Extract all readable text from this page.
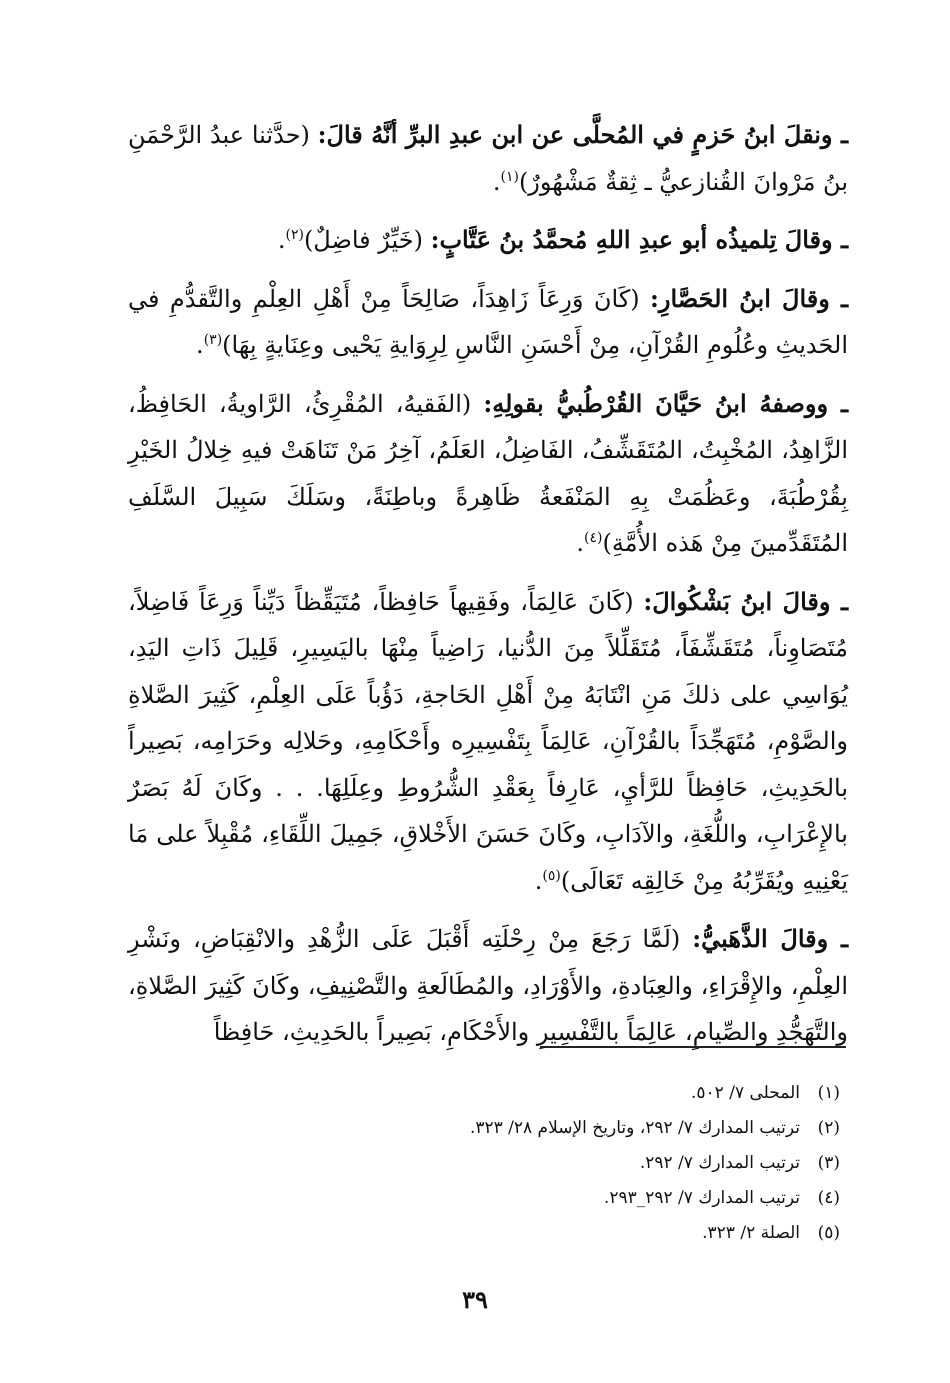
ـ ونقلَ ابنُ حَزمٍ في المُحلَّى عن ابن عبدِ البرِّ أنَّهُ قالَ: (حدَّثنا عبدُ الرَّحْمَنِ بنُ مَرْوانَ القُنازعيُّ ـ ثِقةٌ مَشْهُورٌ)$^{(١)}$.

ـ وقالَ تِلميذُه أبو عبدِ اللهِ مُحمَّدُ بنُ عَتَّابٍ: (خَيِّرٌ فاضِلٌ)$^{(٢)}$.

ـ وقالَ ابنُ الحَصَّارِ: (كَانَ وَرِعَاً زَاهِدَاً، صَالِحَاً مِنْ أَهْلِ العِلْمِ والتَّقدُّمِ في الحَديثِ وعُلُومِ القُرْآنِ، مِنْ أَحْسَنِ النَّاسِ لِرِوَايةِ يَحْيى وعِنَايةٍ بِهَا)$^{(٣)}$.

ـ ووصفهُ ابنُ حَيَّانَ القُرْطُبيُّ بقولِهِ: (الفَقيهُ، المُقْرِئُ، الرَّاويةُ، الحَافِظُ، الزَّاهِدُ، المُخْبِتُ، المُتَقَشِّفُ، الفَاضِلُ، العَلَمُ، آخِرُ مَنْ تَنَاهَتْ فيهِ خِلالُ الخَيْرِ بِقُرْطُبَةَ، وعَظُمَتْ بِهِ المَنْفَعةُ ظَاهِرةً وباطِنَةً، وسَلَكَ سَبِيلَ السَّلَفِ المُتَقَدِّمينَ مِنْ هَذه الأُمَّةِ)$^{(٤)}$.

ـ وقالَ ابنُ بَشْكُوالَ: (كَانَ عَالِمَاً، وفَقِيهاً حَافِظاً، مُتَيَقِّظاً دَيِّناً وَرِعَاً فَاضِلاً، مُتَصَاوِناً، مُتَقَشِّفَاً، مُتَقَلِّلاً مِنَ الدُّنيا، رَاضِياً مِنْهَا باليَسِيرِ، قَلِيلَ ذَاتِ اليَدِ، يُوَاسِي على ذلكَ مَنِ انْتَابَهُ مِنْ أَهْلِ الحَاجةِ، دَؤُباً عَلَى العِلْمِ، كَثِيرَ الصَّلاةِ والصَّوْمِ، مُتَهَجِّدَاً بالقُرْآنِ، عَالِمَاً بِتَفْسِيرِه وأَحْكَامِهِ، وحَلالِه وحَرَامِه، بَصِيراً بالحَدِيثِ، حَافِظاً للرَّأيِ، عَارِفاً بِعَقْدِ الشُّرُوطِ وعِلَلِهَا. . . وكَانَ لَهُ بَصَرٌ بالإِعْرَابِ، واللُّغَةِ، والآدَابِ، وكَانَ حَسَنَ الأَخْلاقِ، جَمِيلَ اللِّقَاءِ، مُقْبِلاً على مَا يَعْنِيهِ ويُقَرِّبُهُ مِنْ خَالِقِه تَعَالَى)$^{(٥)}$.

ـ وقالَ الذَّهَبيُّ: (لَمَّا رَجَعَ مِنْ رِحْلَتِه أَقْبَلَ عَلَى الزُّهْدِ والانْقِبَاضِ، ونَشْرِ العِلْمِ، والإِقْرَاءِ، والعِبَادةِ، والأَوْرَادِ، والمُطَالَعةِ والتَّصْنِيفِ، وكَانَ كَثِيرَ الصَّلاةِ، والتَّهَجُّدِ والصِّيامِ، عَالِمَاً بالتَّفْسِيرِ والأَحْكَامِ، بَصِيراً بالحَدِيثِ، حَافِظاً

(١)
المحلى ٧/ ٥٠٢.
(٢)
ترتيب المدارك ٧/ ٢٩٢، وتاريخ الإسلام ٢٨/ ٣٢٣.
(٣)
ترتيب المدارك ٧/ ٢٩٢.
(٤)
ترتيب المدارك ٧/ ٢٩٢_٢٩٣.
(٥)
الصلة ٢/ ٣٢٣.
٣٩
